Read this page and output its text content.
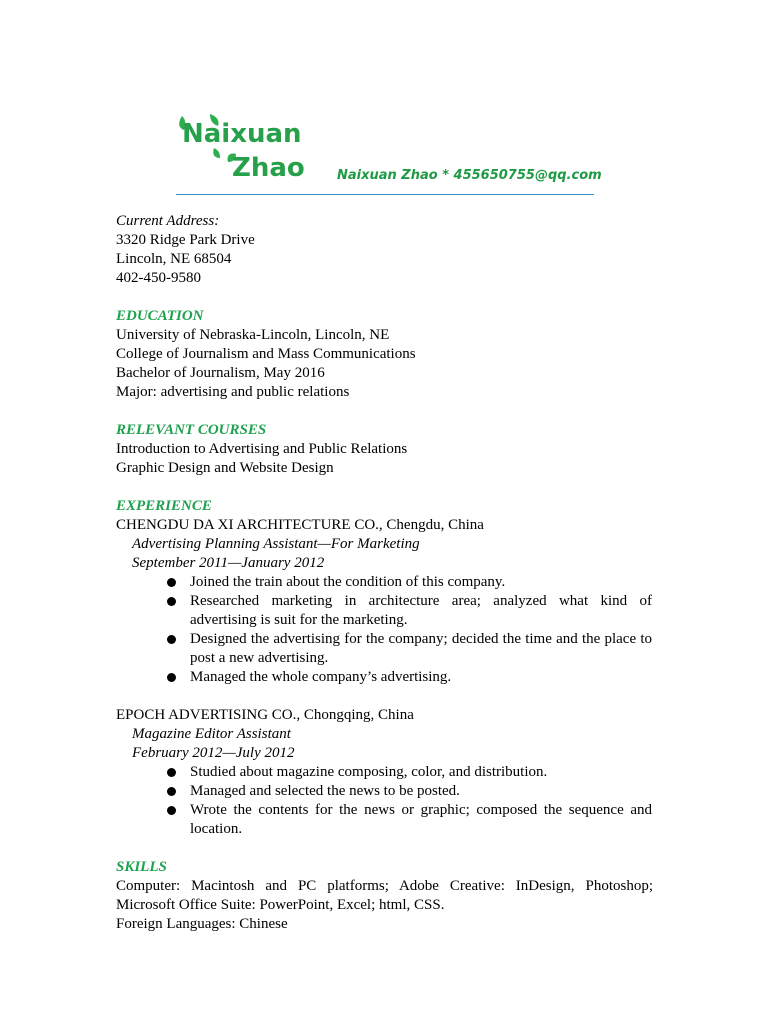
Naixuan
Zhao Naixuan Zhao * 455650755@qq.com
Current Address:
3320 Ridge Park Drive
Lincoln, NE 68504
402-450-9580
EDUCATION
University of Nebraska-Lincoln, Lincoln, NE
College of Journalism and Mass Communications
Bachelor of Journalism, May 2016
Major: advertising and public relations
RELEVANT COURSES
Introduction to Advertising and Public Relations
Graphic Design and Website Design
EXPERIENCE
CHENGDU DA XI ARCHITECTURE CO., Chengdu, China
Advertising Planning Assistant—For Marketing
September 2011—January 2012
Joined the train about the condition of this company.
Researched marketing in architecture area; analyzed what kind of advertising is suit for the marketing.
Designed the advertising for the company; decided the time and the place to post a new advertising.
Managed the whole company’s advertising.
EPOCH ADVERTISING CO., Chongqing, China
Magazine Editor Assistant
February 2012—July 2012
Studied about magazine composing, color, and distribution.
Managed and selected the news to be posted.
Wrote the contents for the news or graphic; composed the sequence and location.
SKILLS
Computer: Macintosh and PC platforms; Adobe Creative: InDesign, Photoshop; Microsoft Office Suite: PowerPoint, Excel; html, CSS.
Foreign Languages: Chinese
